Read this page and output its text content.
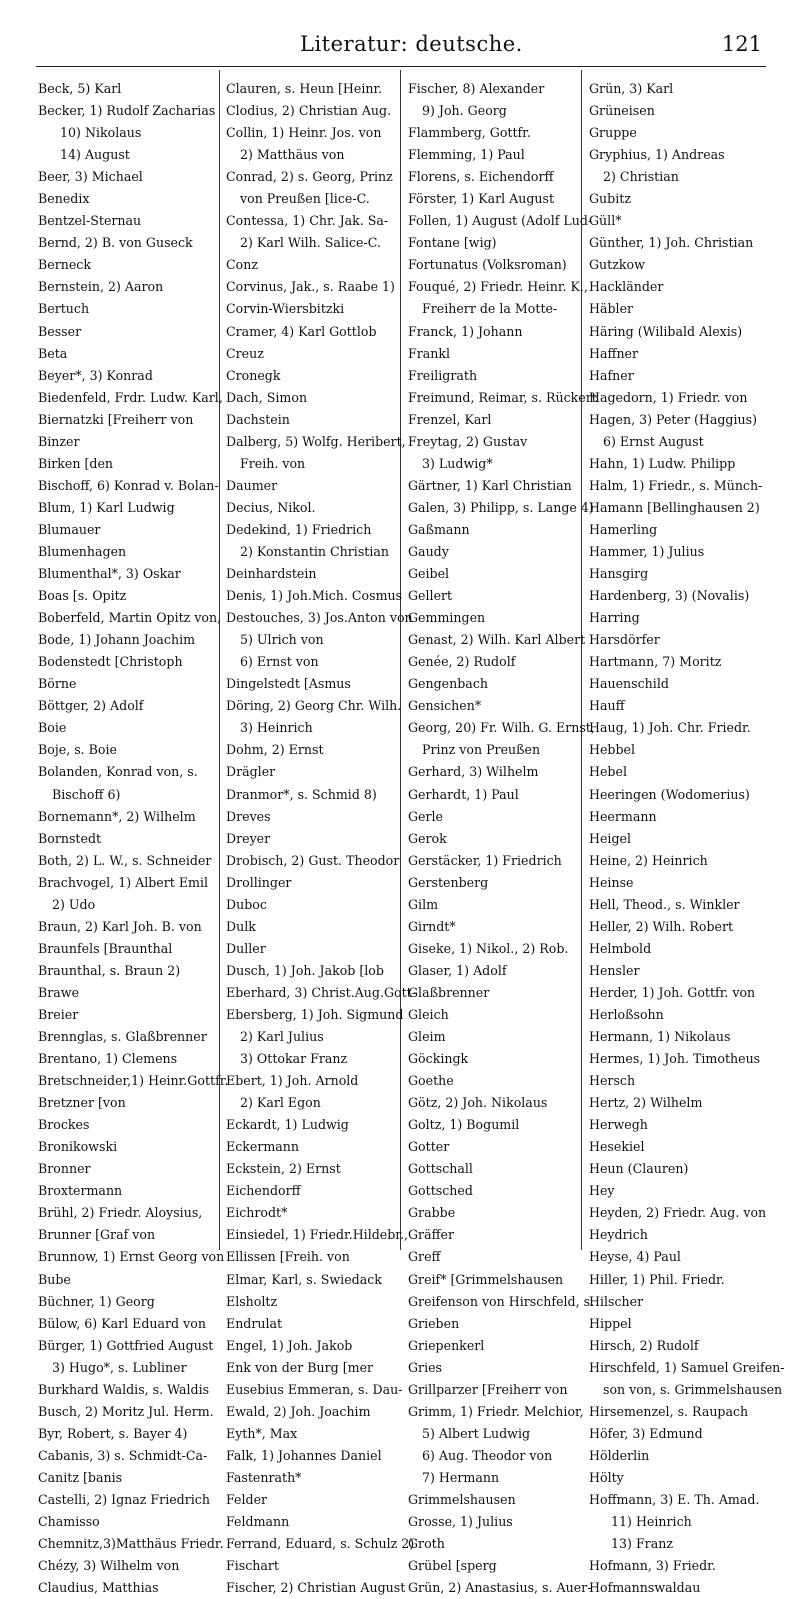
Literatur: deutsche.	121
Beck, 5) Karl
Becker, 1) Rudolf Zacharias
10) Nikolaus
14) August
Beer, 3) Michael
Benedix
Bentzel-Sternau
Bernd, 2) B. von Guseck
Berneck
Bernstein, 2) Aaron
Bertuch
Besser
Beta
Beyer*, 3) Konrad
Biedenfeld, Frdr. Ludw. Karl,
Biernatzki [Freiherr von
Binzer
Birken [den
Bischoff, 6) Konrad v. Bolan-
Blum, 1) Karl Ludwig
Blumauer
Blumenhagen
Blumenthal*, 3) Oskar
Boas [s. Opitz
Boberfeld, Martin Opitz von,
Bode, 1) Johann Joachim
Bodenstedt [Christoph
Börne
Böttger, 2) Adolf
Boie
Boje, s. Boie
Bolanden, Konrad von, s.
Bischoff 6)
Bornemann*, 2) Wilhelm
Bornstedt
Both, 2) L. W., s. Schneider
Brachvogel, 1) Albert Emil
2) Udo
Braun, 2) Karl Joh. B. von
Braunfels [Braunthal
Braunthal, s. Braun 2)
Brawe
Breier
Brennglas, s. Glaßbrenner
Brentano, 1) Clemens
Bretschneider,1) Heinr.Gottfr.
Bretzner [von
Brockes
Bronikowski
Bronner
Broxtermann
Brühl, 2) Friedr. Aloysius,
Brunner [Graf von
Brunnow, 1) Ernst Georg von
Bube
Büchner, 1) Georg
Bülow, 6) Karl Eduard von
Bürger, 1) Gottfried August
3) Hugo*, s. Lubliner
Burkhard Waldis, s. Waldis
Busch, 2) Moritz Jul. Herm.
Byr, Robert, s. Bayer 4)
Cabanis, 3) s. Schmidt-Ca-
Canitz [banis
Castelli, 2) Ignaz Friedrich
Chamisso
Chemnitz,3)Matthäus Friedr.
Chézy, 3) Wilhelm von
Claudius, Matthias
Clauren, s. Heun [Heinr.
Clodius, 2) Christian Aug.
Collin, 1) Heinr. Jos. von
2) Matthäus von
Conrad, 2) s. Georg, Prinz
von Preußen [lice-C.
Contessa, 1) Chr. Jak. Sa-
2) Karl Wilh. Salice-C.
Conz
Corvinus, Jak., s. Raabe 1)
Corvin-Wiersbitzki
Cramer, 4) Karl Gottlob
Creuz
Cronegk
Dach, Simon
Dachstein
Dalberg, 5) Wolfg. Heribert,
Freih. von
Daumer
Decius, Nikol.
Dedekind, 1) Friedrich
2) Konstantin Christian
Deinhardstein
Denis, 1) Joh.Mich. Cosmus
Destouches, 3) Jos.Anton von
5) Ulrich von
6) Ernst von
Dingelstedt [Asmus
Döring, 2) Georg Chr. Wilh.
3) Heinrich
Dohm, 2) Ernst
Drägler
Dranmor*, s. Schmid 8)
Dreves
Dreyer
Drobisch, 2) Gust. Theodor
Drollinger
Duboc
Dulk
Duller
Dusch, 1) Joh. Jakob [lob
Eberhard, 3) Christ.Aug.Gott-
Ebersberg, 1) Joh. Sigmund
2) Karl Julius
3) Ottokar Franz
Ebert, 1) Joh. Arnold
2) Karl Egon
Eckardt, 1) Ludwig
Eckermann
Eckstein, 2) Ernst
Eichendorff
Eichrodt*
Einsiedel, 1) Friedr.Hildebr.,
Ellissen [Freih. von
Elmar, Karl, s. Swiedack
Elsholtz
Endrulat
Engel, 1) Joh. Jakob
Enk von der Burg [mer
Eusebius Emmeran, s. Dau-
Ewald, 2) Joh. Joachim
Eyth*, Max
Falk, 1) Johannes Daniel
Fastenrath*
Felder
Feldmann
Ferrand, Eduard, s. Schulz 2)
Fischart
Fischer, 2) Christian August
Fischer, 8) Alexander
9) Joh. Georg
Flammberg, Gottfr.
Flemming, 1) Paul
Florens, s. Eichendorff
Förster, 1) Karl August
Follen, 1) August (Adolf Lud-
Fontane [wig)
Fortunatus (Volksroman)
Fouqué, 2) Friedr. Heinr. K.,
Freiherr de la Motte-
Franck, 1) Johann
Frankl
Freiligrath
Freimund, Reimar, s. Rückert
Frenzel, Karl
Freytag, 2) Gustav
3) Ludwig*
Gärtner, 1) Karl Christian
Galen, 3) Philipp, s. Lange 4)
Gaßmann
Gaudy
Geibel
Gellert
Gemmingen
Genast, 2) Wilh. Karl Albert
Genée, 2) Rudolf
Gengenbach
Gensichen*
Georg, 20) Fr. Wilh. G. Ernst,
Prinz von Preußen
Gerhard, 3) Wilhelm
Gerhardt, 1) Paul
Gerle
Gerok
Gerstäcker, 1) Friedrich
Gerstenberg
Gilm
Girndt*
Giseke, 1) Nikol., 2) Rob.
Glaser, 1) Adolf
Glaßbrenner
Gleich
Gleim
Göckingk
Goethe
Götz, 2) Joh. Nikolaus
Goltz, 1) Bogumil
Gotter
Gottschall
Gottsched
Grabbe
Gräffer
Greff
Greif* [Grimmelshausen
Greifenson von Hirschfeld, s.
Grieben
Griepenkerl
Gries
Grillparzer [Freiherr von
Grimm, 1) Friedr. Melchior,
5) Albert Ludwig
6) Aug. Theodor von
7) Hermann
Grimmelshausen
Grosse, 1) Julius
Groth
Grübel [sperg
Grün, 2) Anastasius, s. Auer-
Grün, 3) Karl
Grüneisen
Gruppe
Gryphius, 1) Andreas
2) Christian
Gubitz
Güll*
Günther, 1) Joh. Christian
Gutzkow
Hackländer
Häbler
Häring (Wilibald Alexis)
Haffner
Hafner
Hagedorn, 1) Friedr. von
Hagen, 3) Peter (Haggius)
6) Ernst August
Hahn, 1) Ludw. Philipp
Halm, 1) Friedr., s. Münch-
Hamann [Bellinghausen 2)
Hamerling
Hammer, 1) Julius
Hansgirg
Hardenberg, 3) (Novalis)
Harring
Harsdörfer
Hartmann, 7) Moritz
Hauenschild
Hauff
Haug, 1) Joh. Chr. Friedr.
Hebbel
Hebel
Heeringen (Wodomerius)
Heermann
Heigel
Heine, 2) Heinrich
Heinse
Hell, Theod., s. Winkler
Heller, 2) Wilh. Robert
Helmbold
Hensler
Herder, 1) Joh. Gottfr. von
Herloßsohn
Hermann, 1) Nikolaus
Hermes, 1) Joh. Timotheus
Hersch
Hertz, 2) Wilhelm
Herwegh
Hesekiel
Heun (Clauren)
Hey
Heyden, 2) Friedr. Aug. von
Heydrich
Heyse, 4) Paul
Hiller, 1) Phil. Friedr.
Hilscher
Hippel
Hirsch, 2) Rudolf
Hirschfeld, 1) Samuel Greifen-
son von, s. Grimmelshausen
Hirsemenzel, s. Raupach
Höfer, 3) Edmund
Hölderlin
Hölty
Hoffmann, 3) E. Th. Amad.
11) Heinrich
13) Franz
Hofmann, 3) Friedr.
Hofmannswaldau
